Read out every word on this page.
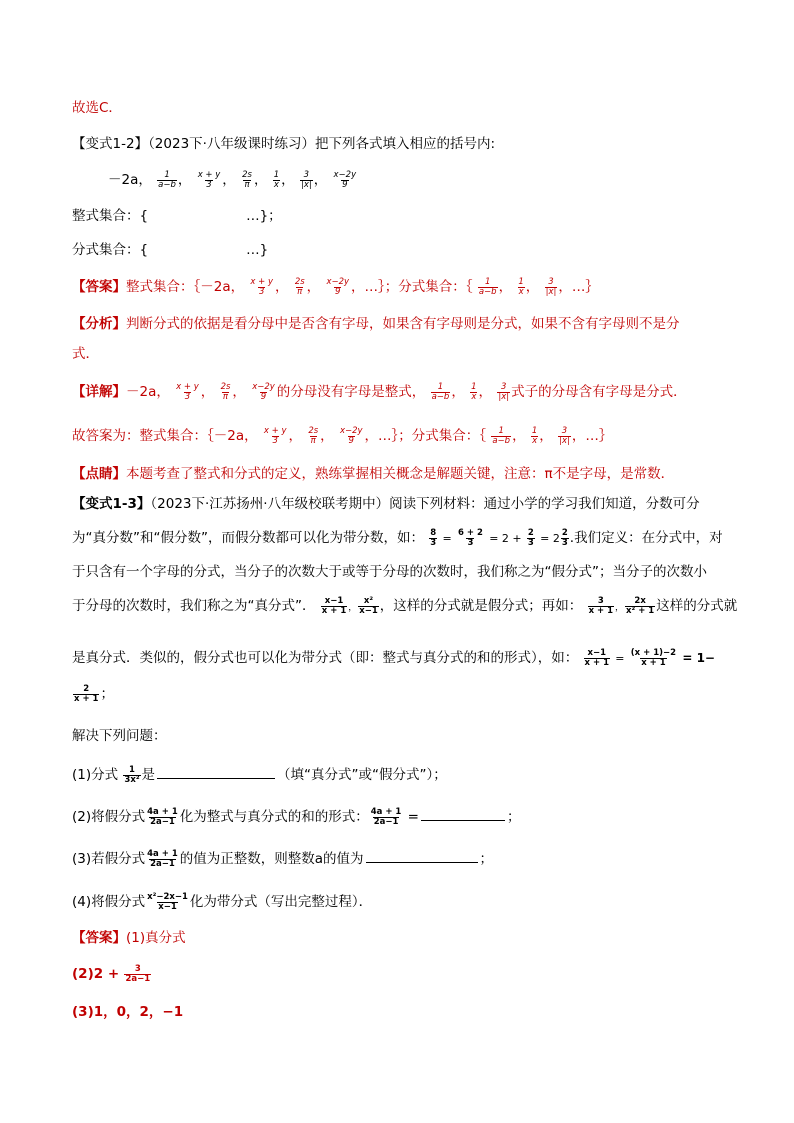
故选C．
【变式1-2】（2023下·八年级课时练习）把下列各式填入相应的括号内:
－2a， $\frac{1}{a-b}$ ， $\frac{x + y}{3}$ ， $\frac{2s}{\pi}$ ， $\frac{1}{x}$ ， $\frac{3}{|x|}$ ， $\frac{x-2y}{9}$
整式集合：{	…}；
分式集合：{	…}
【答案】整式集合：｛－2a， $\frac{x + y}{3}$ ， $\frac{2s}{\pi}$ ， $\frac{x-2y}{9}$ ，…｝；分式集合：｛ $\frac{1}{a-b}$ ， $\frac{1}{x}$ ， $\frac{3}{|x|}$ ，…｝
【分析】判断分式的依据是看分母中是否含有字母，如果含有字母则是分式，如果不含有字母则不是分
式．
【详解】－2a， $\frac{x + y}{3}$ ， $\frac{2s}{\pi}$ ， $\frac{x-2y}{9}$ 的分母没有字母是整式， $\frac{1}{a-b}$ ， $\frac{1}{x}$ ， $\frac{3}{|x|}$ 式子的分母含有字母是分式．
故答案为：整式集合：｛－2a， $\frac{x + y}{3}$ ， $\frac{2s}{\pi}$ ， $\frac{x-2y}{9}$ ，…｝；分式集合：｛ $\frac{1}{a-b}$ ， $\frac{1}{x}$ ， $\frac{3}{|x|}$ ，…｝
【点睛】本题考查了整式和分式的定义，熟练掌握相关概念是解题关键，注意：π不是字母，是常数．
【变式1-3】（2023下·江苏扬州·八年级校联考期中）阅读下列材料：通过小学的学习我们知道，分数可分
为“真分数”和“假分数”，而假分数都可以化为带分数，如： $\frac{8}{3} = \frac{6 + 2}{3} = 2 + \frac{2}{3} = 2 \frac{2}{3}$ .我们定义：在分式中，对
于只含有一个字母的分式，当分子的次数大于或等于分母的次数时，我们称之为“假分式”；当分子的次数小
于分母的次数时，我们称之为“真分式”． $\frac{x-1}{x + 1}$ ， $\frac{\text{x²}}{x-1}$ ，这样的分式就是假分式；再如： $\frac{3}{x + 1}$ ， $\frac{2x}{\text{x² + 1}}$ 这样的分式就
是真分式．类似的，假分式也可以化为带分式（即：整式与真分式的和的形式），如： $\frac{x-1}{x + 1} = \frac{(x + 1)-2}{x + 1} = 1-$
$\frac{2}{x + 1}$ ；
解决下列问题：
(1)分式 $\frac{1}{\text{3x²}}$ 是	（填“真分式”或“假分式”）；
(2)将假分式 $\frac{4a + 1}{2a-1}$ 化为整式与真分式的和的形式： $\frac{4a + 1}{2a-1}$ =	；
(3)若假分式 $\frac{4a + 1}{2a-1}$ 的值为正整数，则整数a的值为	；
(4)将假分式 $\frac{\text{x²−2x−1}}{x-1}$ 化为带分式（写出完整过程）．
【答案】(1)真分式
$(2)2 + \frac{3}{2a-1}$
(3)1，0，2，−1
